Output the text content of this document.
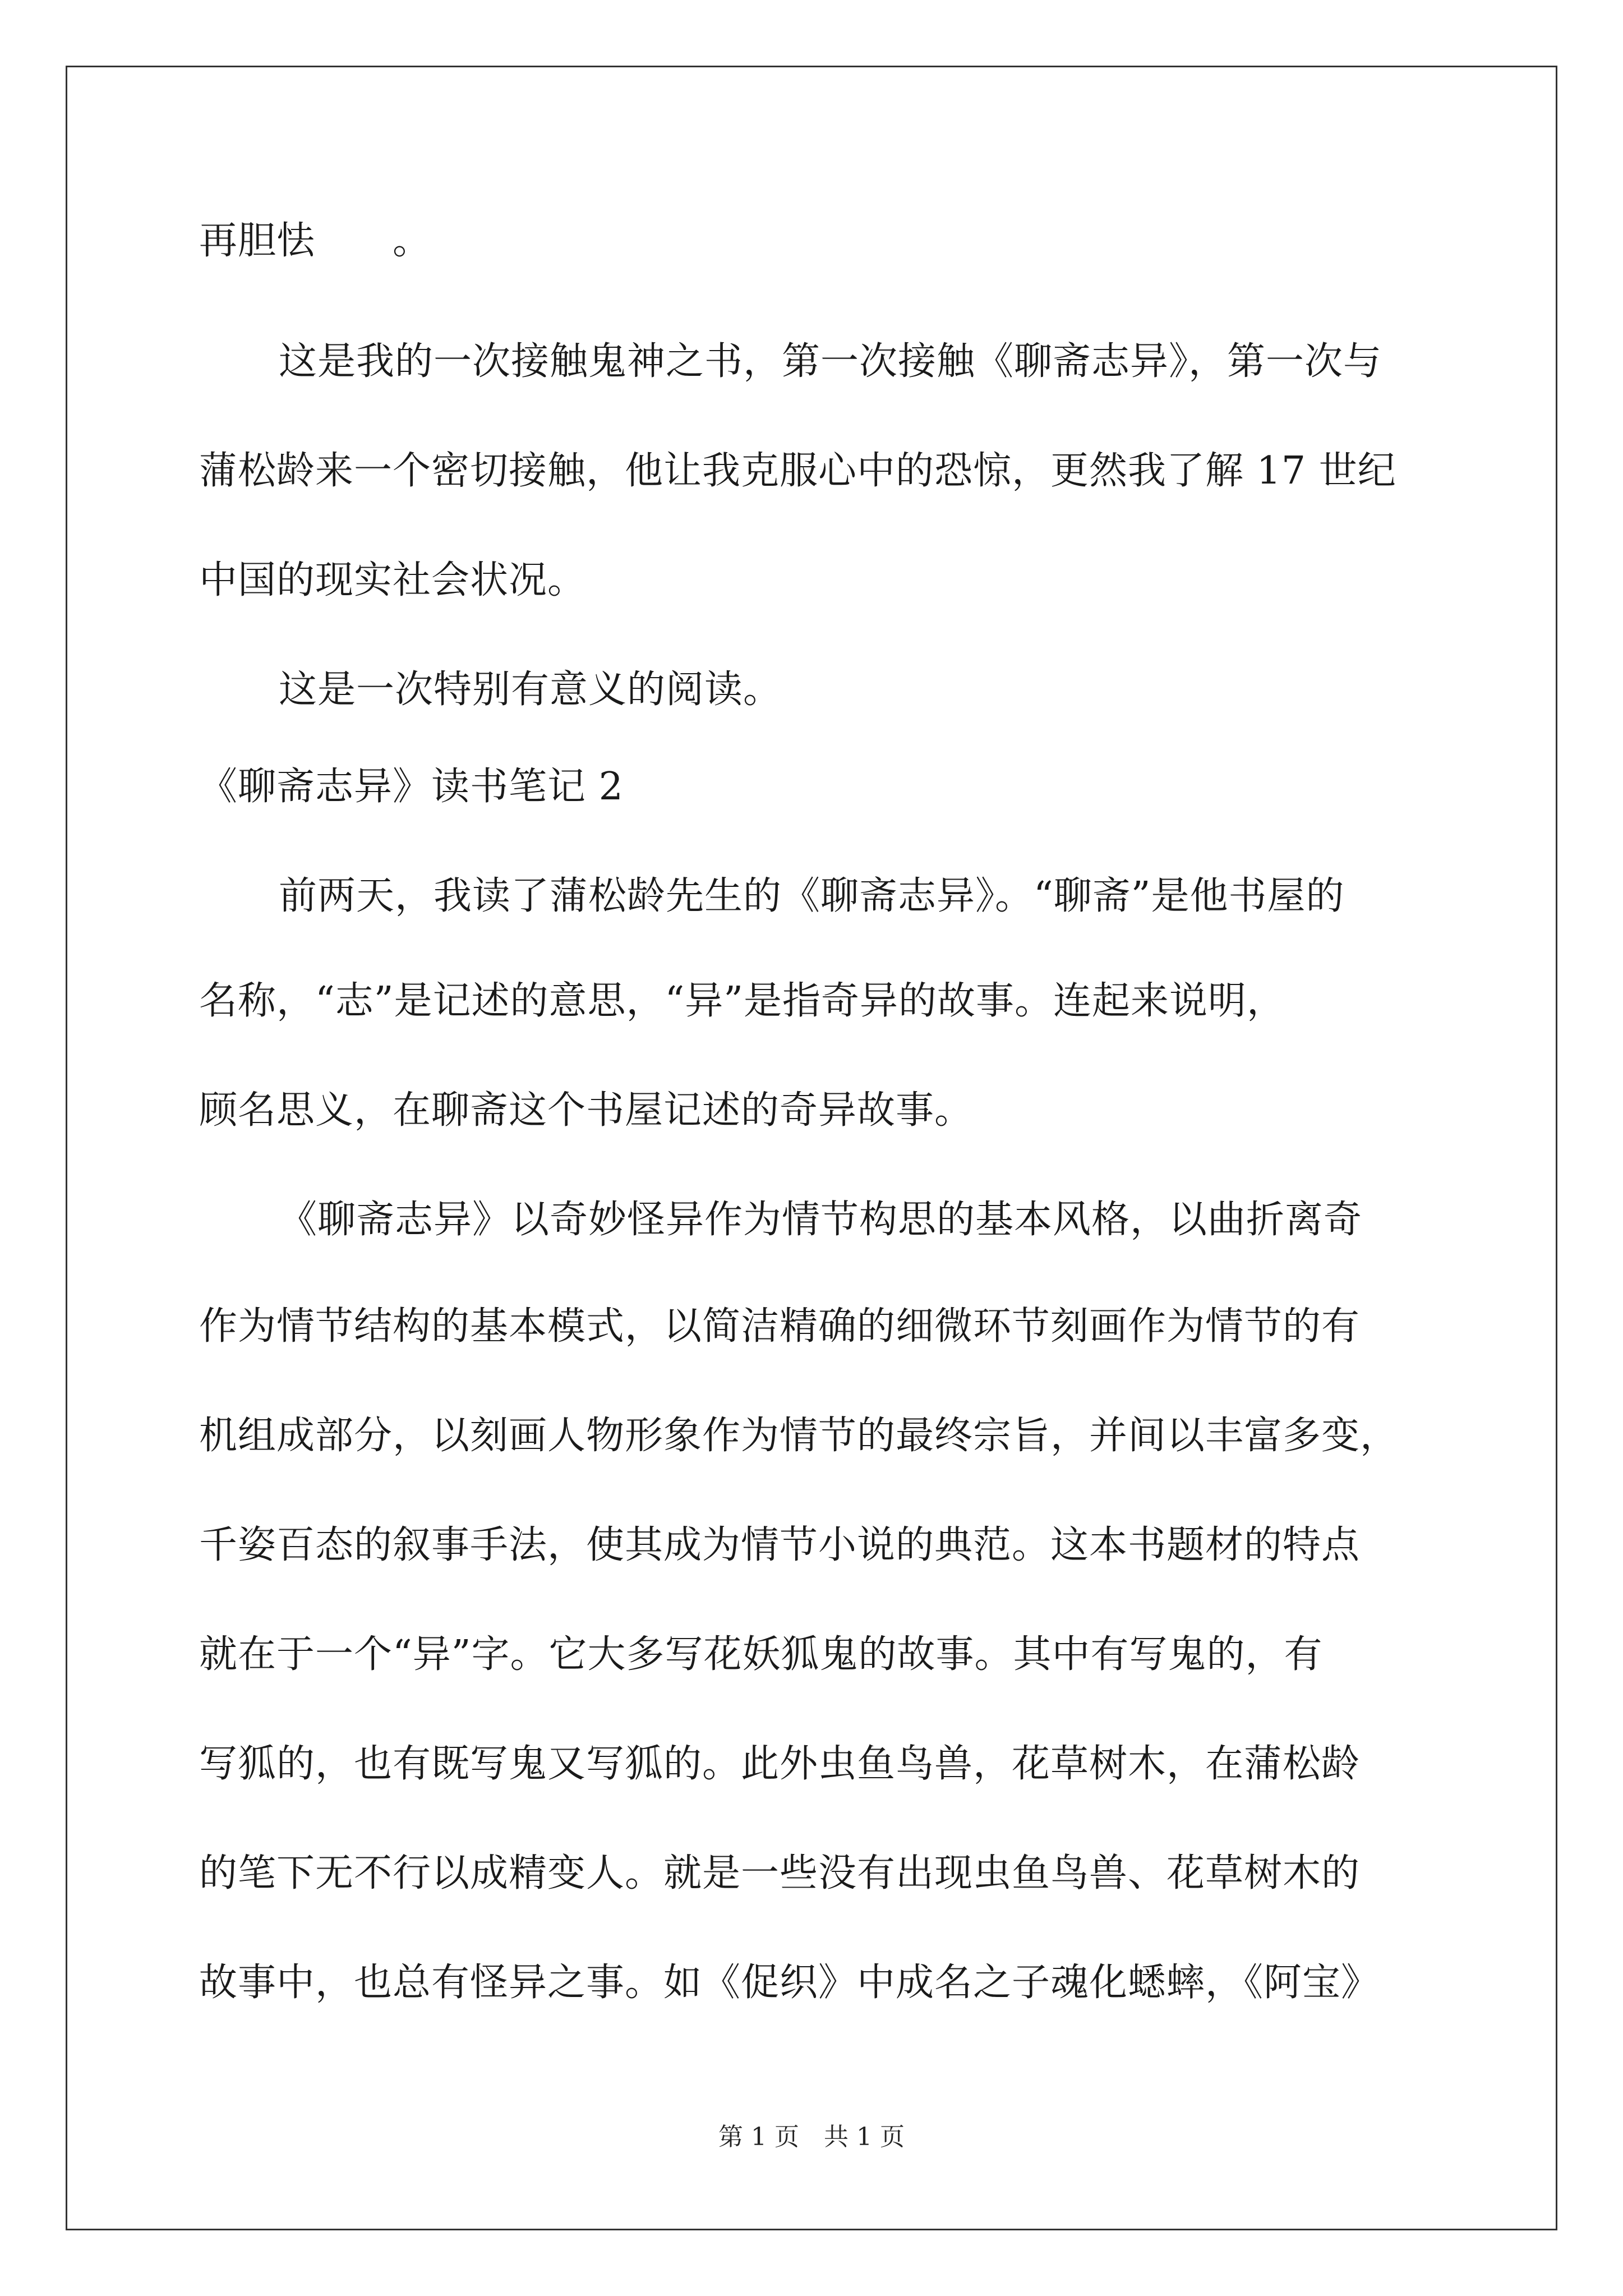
再胆怯　　。
这是我的一次接触鬼神之书，第一次接触《聊斋志异》，第一次与
蒲松龄来一个密切接触，他让我克服心中的恐惊，更然我了解 17 世纪
中国的现实社会状况。
这是一次特别有意义的阅读。
《聊斋志异》读书笔记 2
前两天，我读了蒲松龄先生的《聊斋志异》。“聊斋”是他书屋的
名称，“志”是记述的意思，“异”是指奇异的故事。连起来说明，
顾名思义，在聊斋这个书屋记述的奇异故事。
《聊斋志异》以奇妙怪异作为情节构思的基本风格，以曲折离奇
作为情节结构的基本模式，以简洁精确的细微环节刻画作为情节的有
机组成部分，以刻画人物形象作为情节的最终宗旨，并间以丰富多变，
千姿百态的叙事手法，使其成为情节小说的典范。这本书题材的特点
就在于一个“异”字。它大多写花妖狐鬼的故事。其中有写鬼的，有
写狐的，也有既写鬼又写狐的。此外虫鱼鸟兽，花草树木，在蒲松龄
的笔下无不行以成精变人。就是一些没有出现虫鱼鸟兽、花草树木的
故事中，也总有怪异之事。如《促织》中成名之子魂化蟋蟀，《阿宝》
第 1 页　共 1 页
